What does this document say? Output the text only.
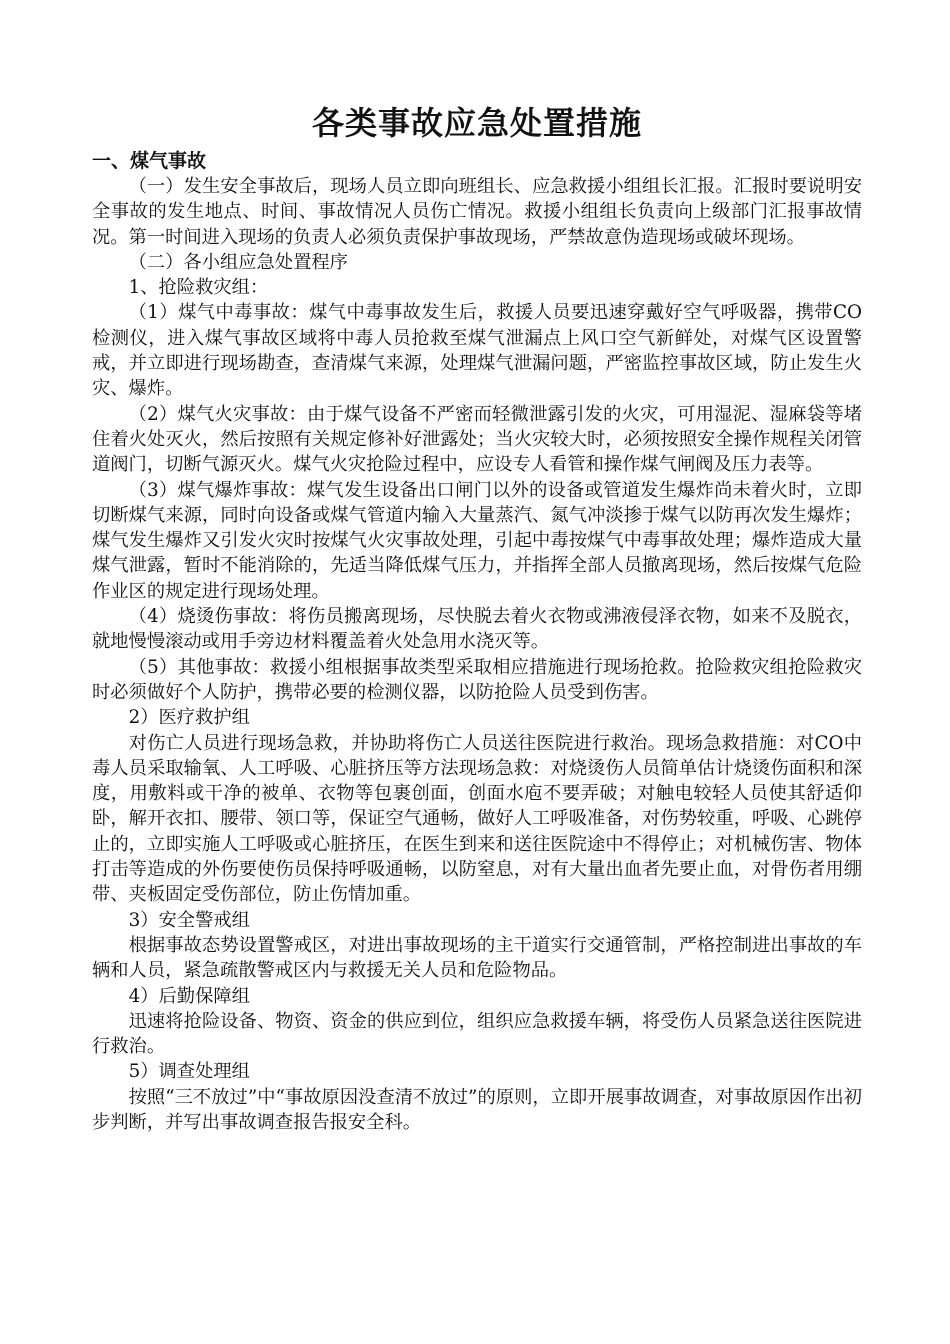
各类事故应急处置措施
一、煤气事故

（一）发生安全事故后，现场人员立即向班组长、应急救援小组组长汇报。汇报时要说明安全事故的发生地点、时间、事故情况人员伤亡情况。救援小组组长负责向上级部门汇报事故情况。第一时间进入现场的负责人必须负责保护事故现场，严禁故意伪造现场或破坏现场。

（二）各小组应急处置程序

1、抢险救灾组：

（1）煤气中毒事故：煤气中毒事故发生后，救援人员要迅速穿戴好空气呼吸器，携带CO检测仪，进入煤气事故区域将中毒人员抢救至煤气泄漏点上风口空气新鲜处，对煤气区设置警戒，并立即进行现场勘查，查清煤气来源，处理煤气泄漏问题，严密监控事故区域，防止发生火灾、爆炸。

（2）煤气火灾事故：由于煤气设备不严密而轻微泄露引发的火灾，可用湿泥、湿麻袋等堵住着火处灭火，然后按照有关规定修补好泄露处；当火灾较大时，必须按照安全操作规程关闭管道阀门，切断气源灭火。煤气火灾抢险过程中，应设专人看管和操作煤气闸阀及压力表等。

（3）煤气爆炸事故：煤气发生设备出口闸门以外的设备或管道发生爆炸尚未着火时，立即切断煤气来源，同时向设备或煤气管道内输入大量蒸汽、氮气冲淡掺于煤气以防再次发生爆炸；煤气发生爆炸又引发火灾时按煤气火灾事故处理，引起中毒按煤气中毒事故处理；爆炸造成大量煤气泄露，暂时不能消除的，先适当降低煤气压力，并指挥全部人员撤离现场，然后按煤气危险作业区的规定进行现场处理。

（4）烧烫伤事故：将伤员搬离现场，尽快脱去着火衣物或沸液侵泽衣物，如来不及脱衣，就地慢慢滚动或用手旁边材料覆盖着火处急用水浇灭等。

（5）其他事故：救援小组根据事故类型采取相应措施进行现场抢救。抢险救灾组抢险救灾时必须做好个人防护，携带必要的检测仪器，以防抢险人员受到伤害。

2）医疗救护组

对伤亡人员进行现场急救，并协助将伤亡人员送往医院进行救治。现场急救措施：对CO中毒人员采取输氧、人工呼吸、心脏挤压等方法现场急救：对烧烫伤人员简单估计烧烫伤面积和深度，用敷料或干净的被单、衣物等包裹创面，创面水庖不要弄破；对触电较轻人员使其舒适仰卧，解开衣扣、腰带、领口等，保证空气通畅，做好人工呼吸准备，对伤势较重，呼吸、心跳停止的，立即实施人工呼吸或心脏挤压，在医生到来和送往医院途中不得停止；对机械伤害、物体打击等造成的外伤要使伤员保持呼吸通畅，以防窒息，对有大量出血者先要止血，对骨伤者用绷带、夹板固定受伤部位，防止伤情加重。

3）安全警戒组

根据事故态势设置警戒区，对进出事故现场的主干道实行交通管制，严格控制进出事故的车辆和人员，紧急疏散警戒区内与救援无关人员和危险物品。

4）后勤保障组

迅速将抢险设备、物资、资金的供应到位，组织应急救援车辆，将受伤人员紧急送往医院进行救治。

5）调查处理组

按照“三不放过”中“事故原因没查清不放过”的原则，立即开展事故调查，对事故原因作出初步判断，并写出事故调查报告报安全科。
